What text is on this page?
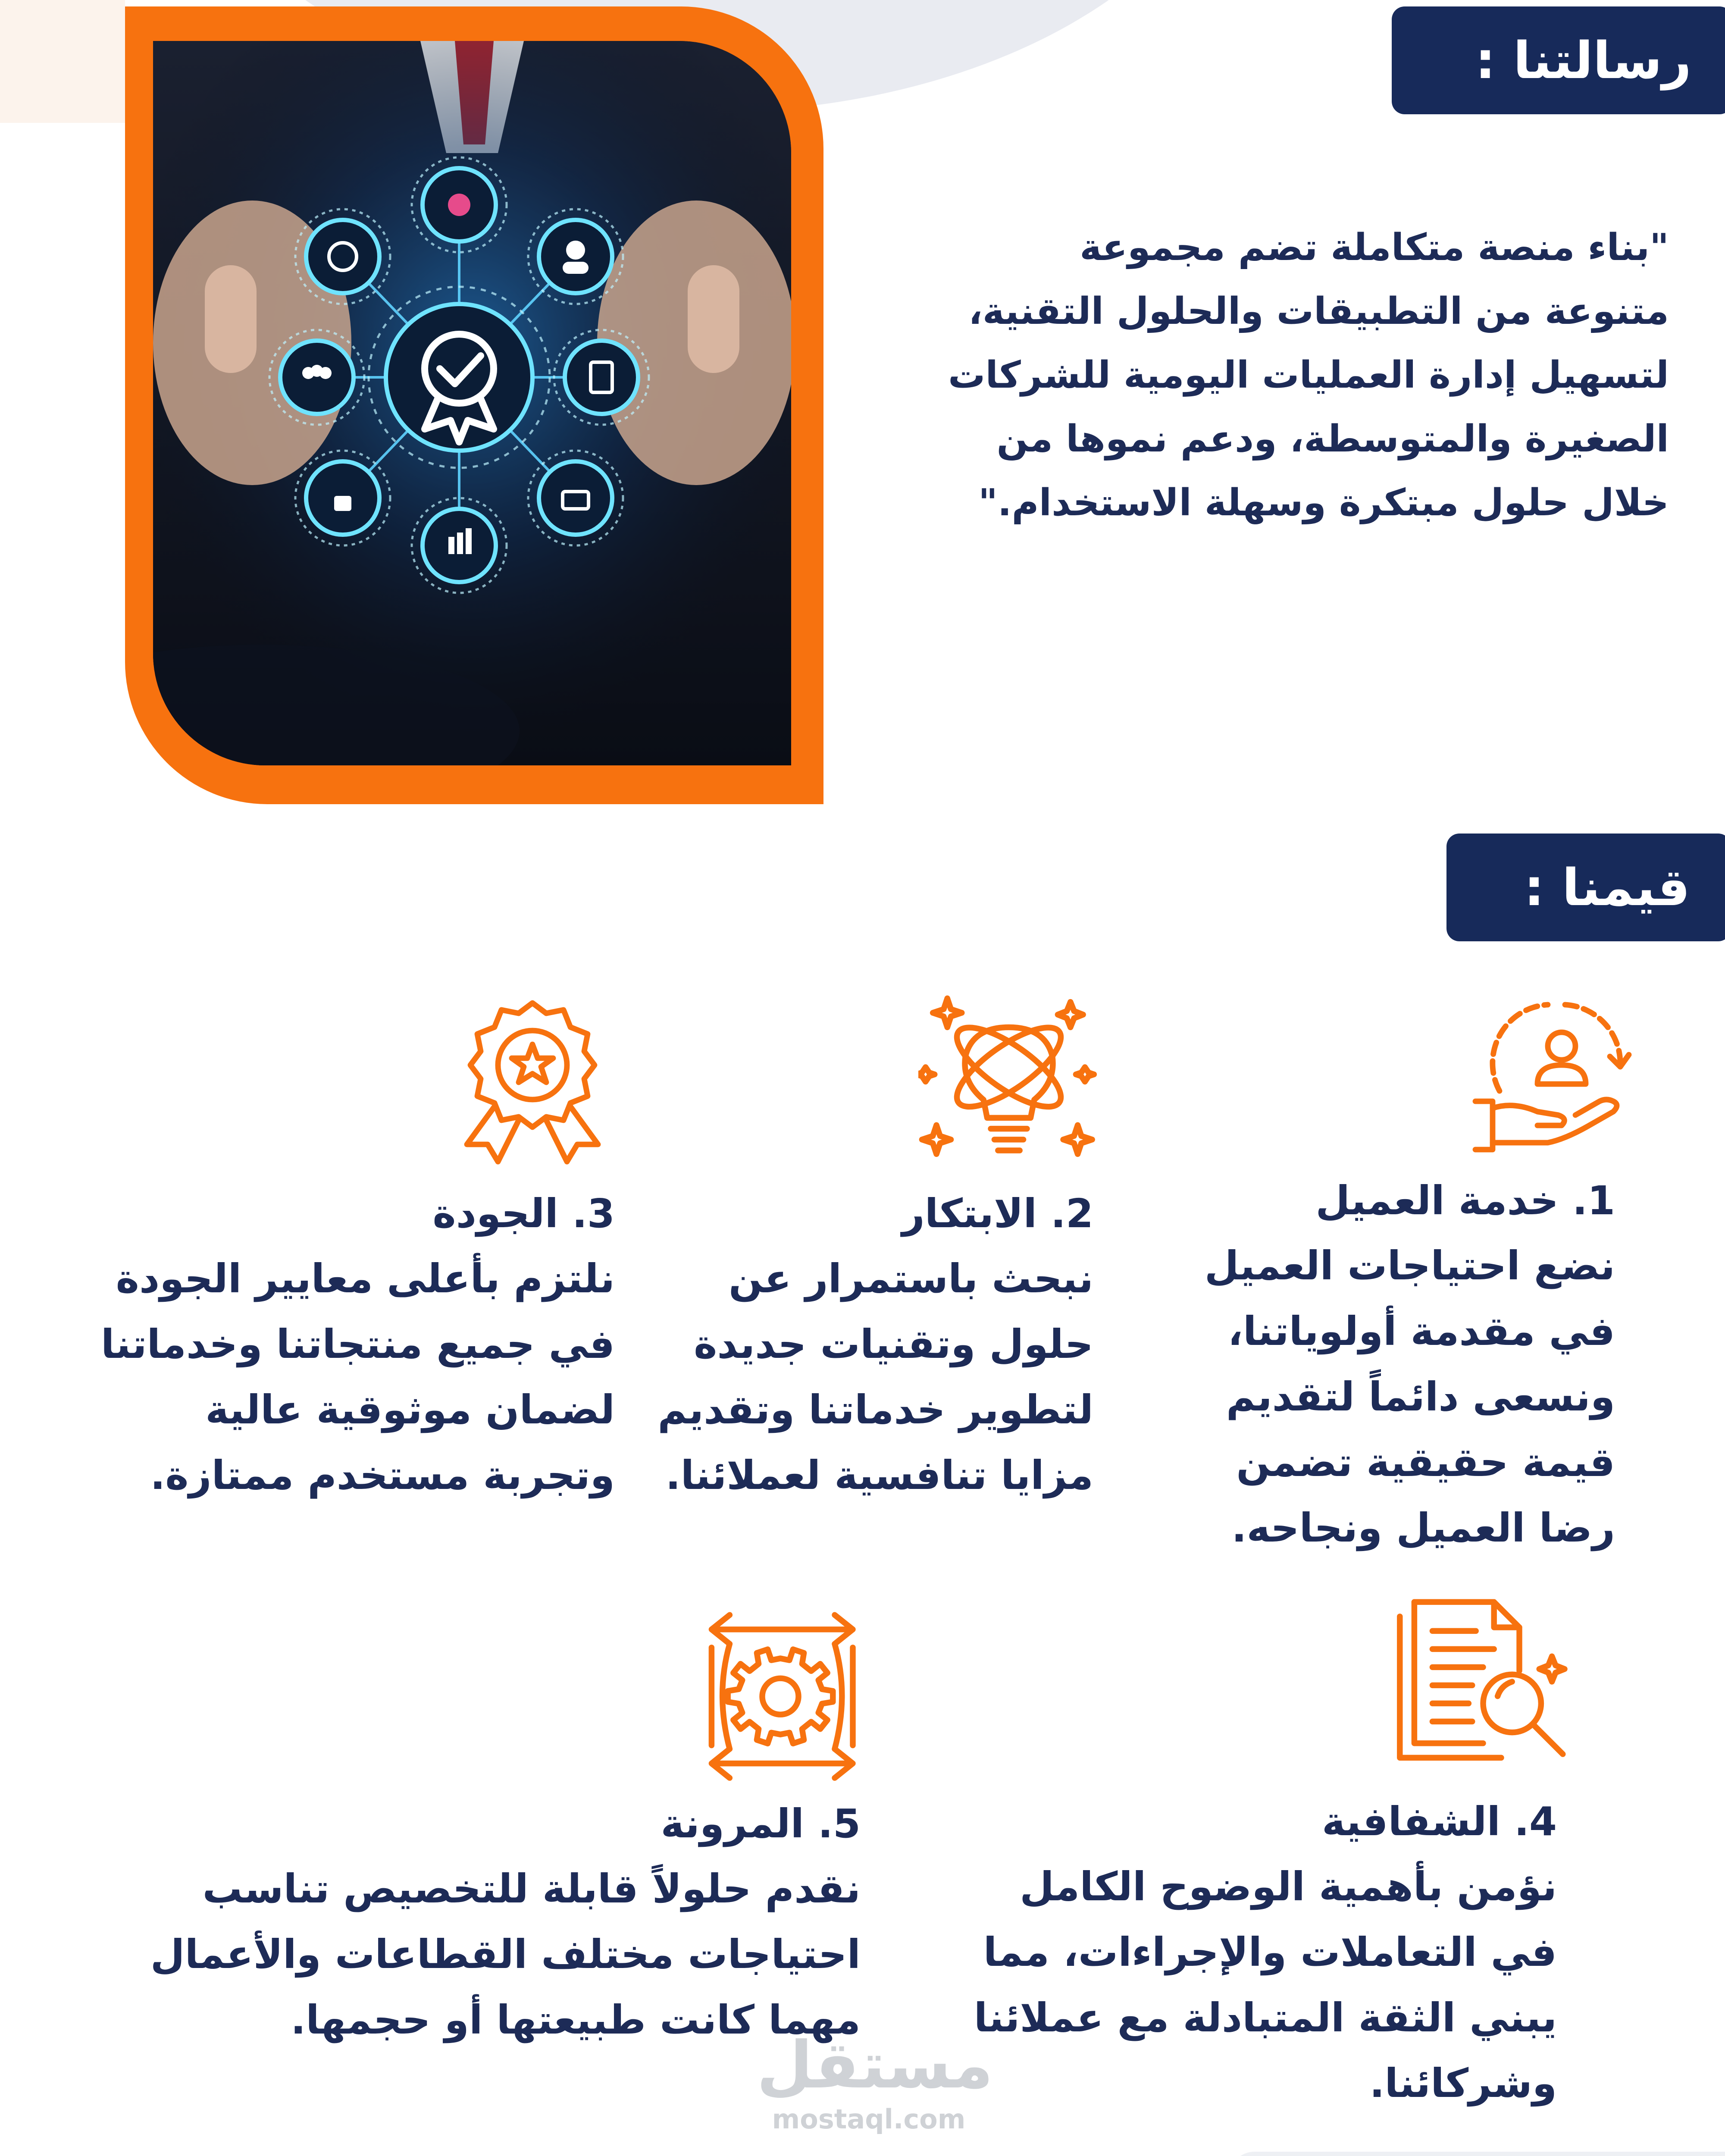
رسالتنا :
"بناء منصة متكاملة تضم مجموعة
متنوعة من التطبيقات والحلول التقنية،
لتسهيل إدارة العمليات اليومية للشركات
الصغيرة والمتوسطة، ودعم نموها من
خلال حلول مبتكرة وسهلة الاستخدام."
قيمنا :
1. خدمة العميل
نضع احتياجات العميل
في مقدمة أولوياتنا،
ونسعى دائماً لتقديم
قيمة حقيقية تضمن
رضا العميل ونجاحه.
2. الابتكار
نبحث باستمرار عن
حلول وتقنيات جديدة
لتطوير خدماتنا وتقديم
مزايا تنافسية لعملائنا.
3. الجودة
نلتزم بأعلى معايير الجودة
في جميع منتجاتنا وخدماتنا
لضمان موثوقية عالية
وتجربة مستخدم ممتازة.
4. الشفافية
نؤمن بأهمية الوضوح الكامل
في التعاملات والإجراءات، مما
يبني الثقة المتبادلة مع عملائنا
وشركائنا.
5. المرونة
نقدم حلولاً قابلة للتخصيص تناسب
احتياجات مختلف القطاعات والأعمال
مهما كانت طبيعتها أو حجمها.
مستقل
mostaql.com
